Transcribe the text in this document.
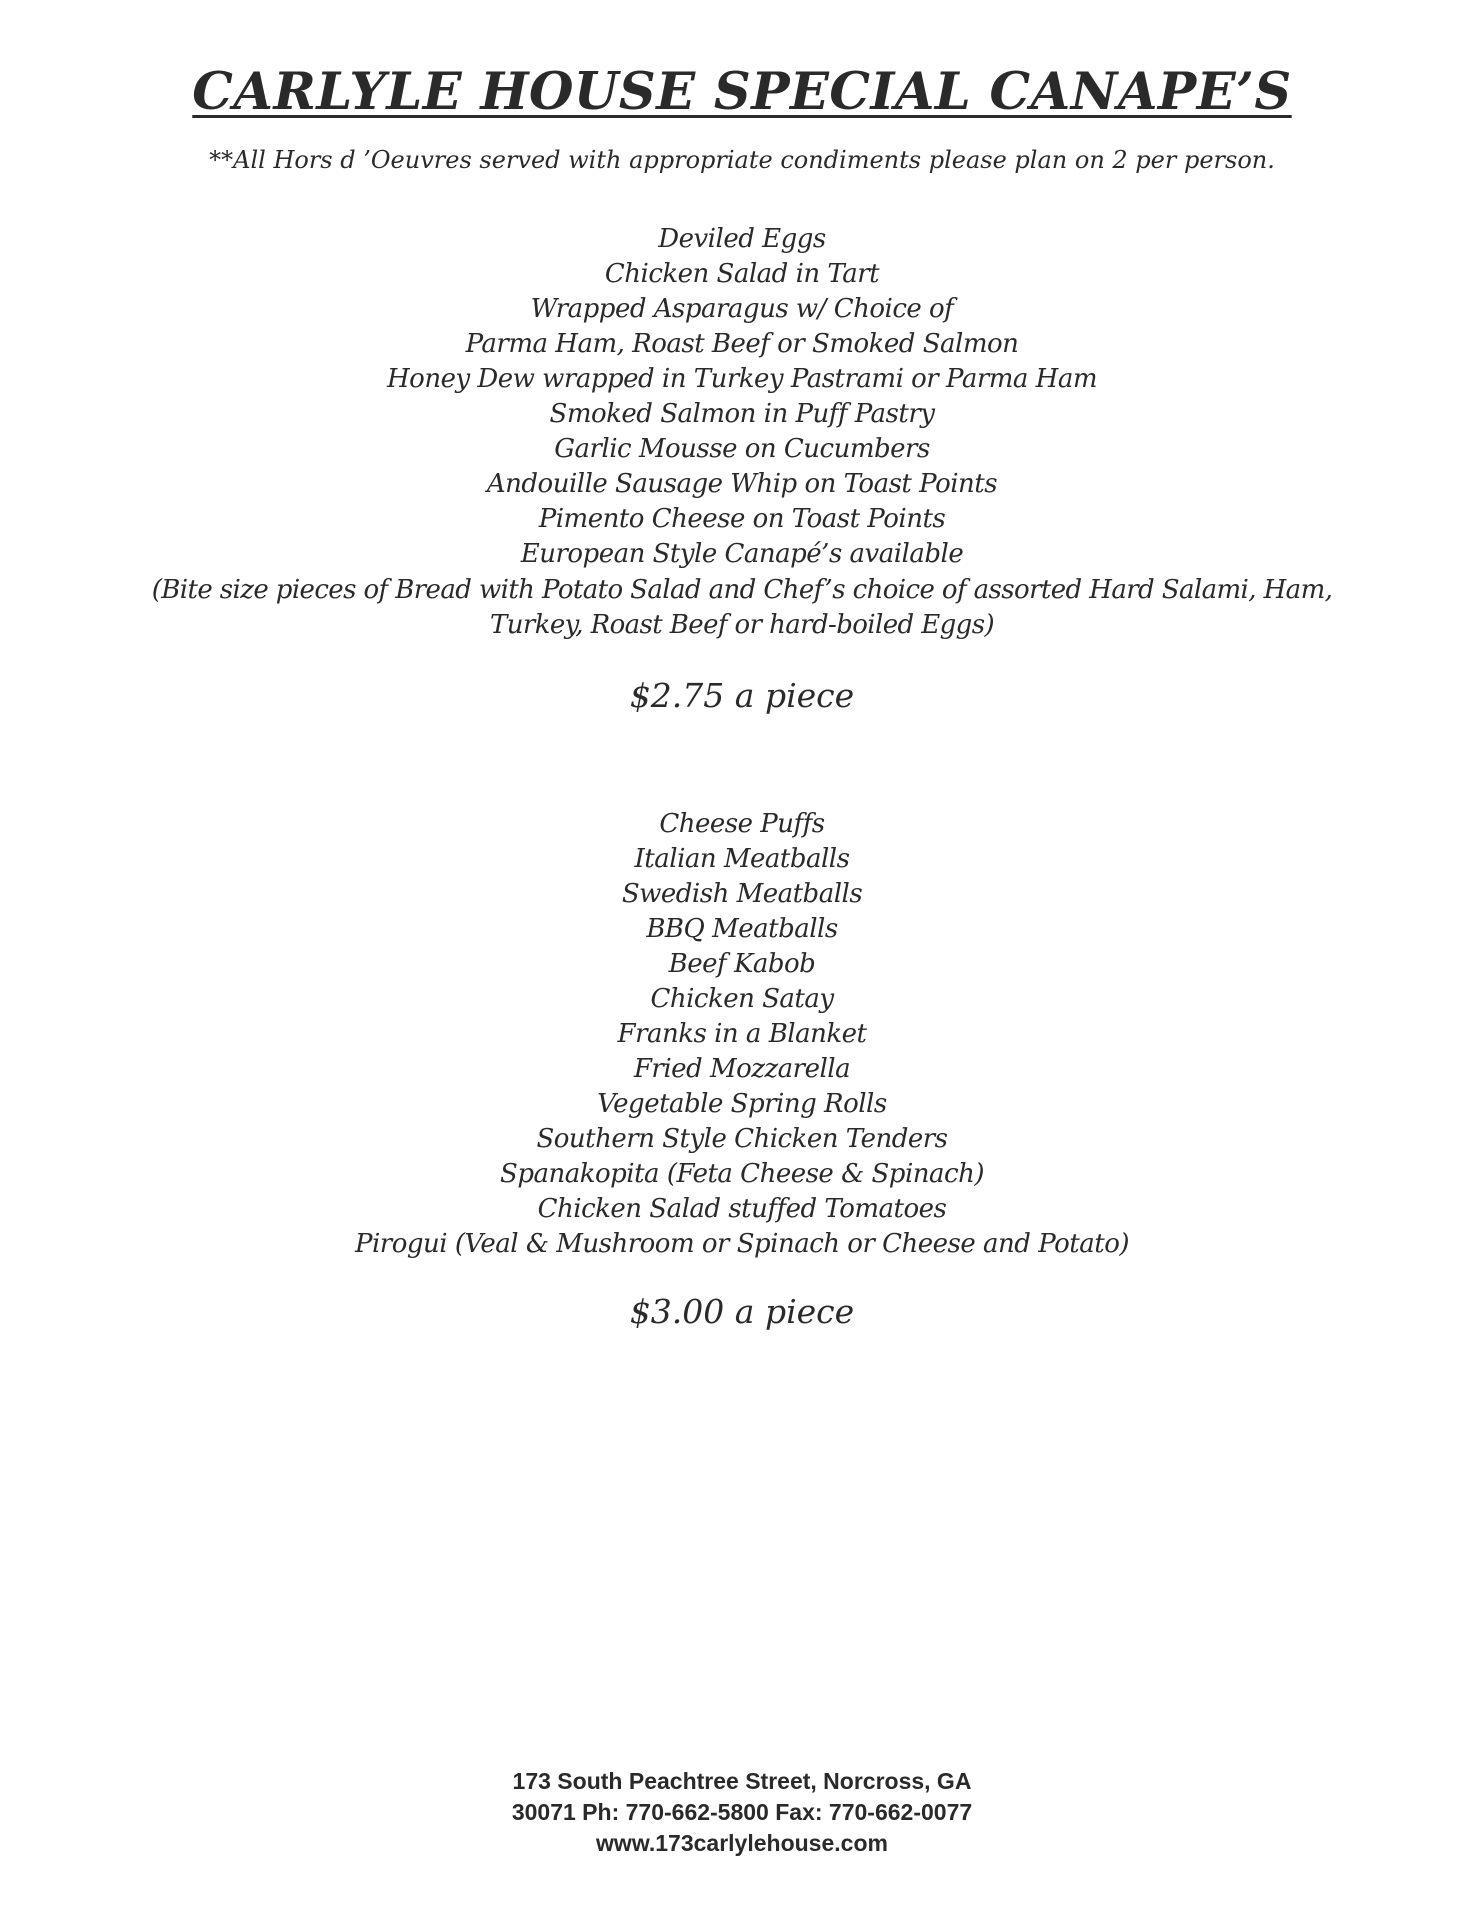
CARLYLE HOUSE SPECIAL CANAPE’S
**All Hors d ’Oeuvres served with appropriate condiments please plan on 2 per person.
Deviled Eggs
Chicken Salad in Tart
Wrapped Asparagus w/ Choice of
Parma Ham, Roast Beef or Smoked Salmon
Honey Dew wrapped in Turkey Pastrami or Parma Ham
Smoked Salmon in Puff Pastry
Garlic Mousse on Cucumbers
Andouille Sausage Whip on Toast Points
Pimento Cheese on Toast Points
European Style Canapé’s available
(Bite size pieces of Bread with Potato Salad and Chef’s choice of assorted Hard Salami, Ham,
Turkey, Roast Beef or hard-boiled Eggs)
$2.75 a piece
Cheese Puffs
Italian Meatballs
Swedish Meatballs
BBQ Meatballs
Beef Kabob
Chicken Satay
Franks in a Blanket
Fried Mozzarella
Vegetable Spring Rolls
Southern Style Chicken Tenders
Spanakopita (Feta Cheese & Spinach)
Chicken Salad stuffed Tomatoes
Pirogui (Veal & Mushroom or Spinach or Cheese and Potato)
$3.00 a piece
173 South Peachtree Street, Norcross, GA
30071 Ph: 770-662-5800 Fax: 770-662-0077
www.173carlylehouse.com
